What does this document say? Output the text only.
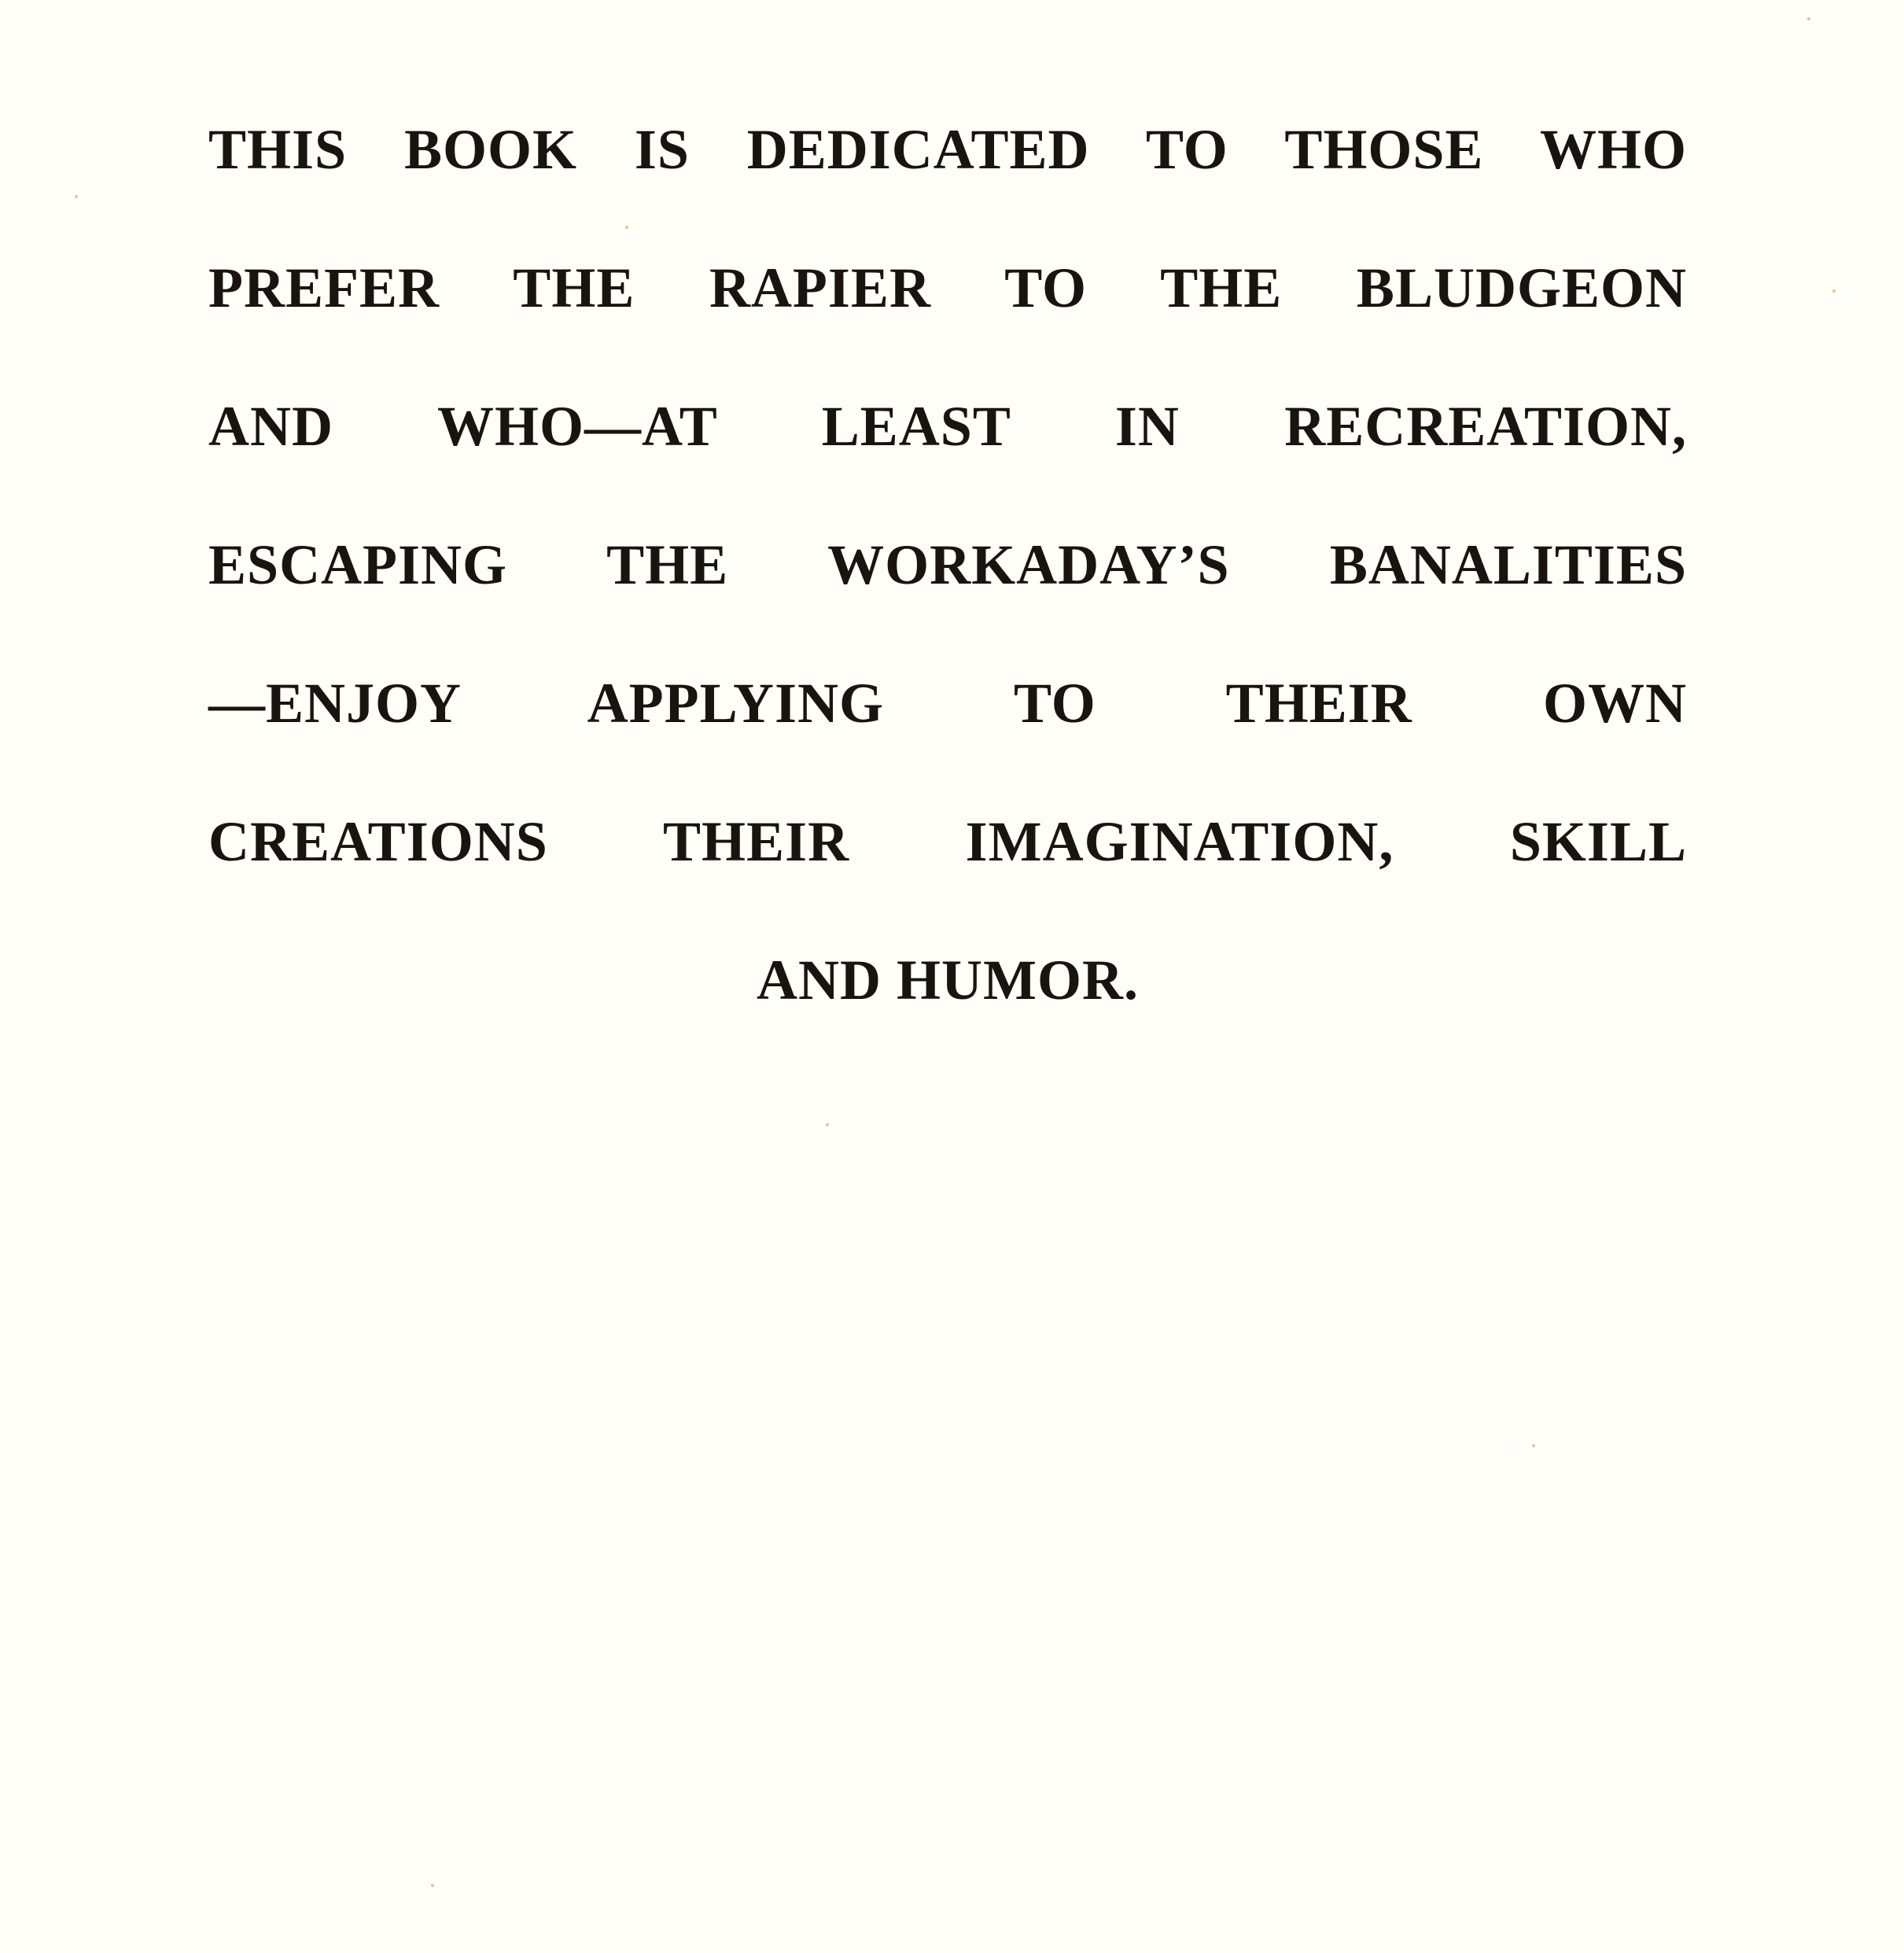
THIS BOOK IS DEDICATED TO THOSE WHO
PREFER THE RAPIER TO THE BLUDGEON
AND WHO—AT LEAST IN RECREATION,
ESCAPING THE WORKADAY’S BANALITIES
—ENJOY APPLYING TO THEIR OWN
CREATIONS THEIR IMAGINATION, SKILL
AND HUMOR.
